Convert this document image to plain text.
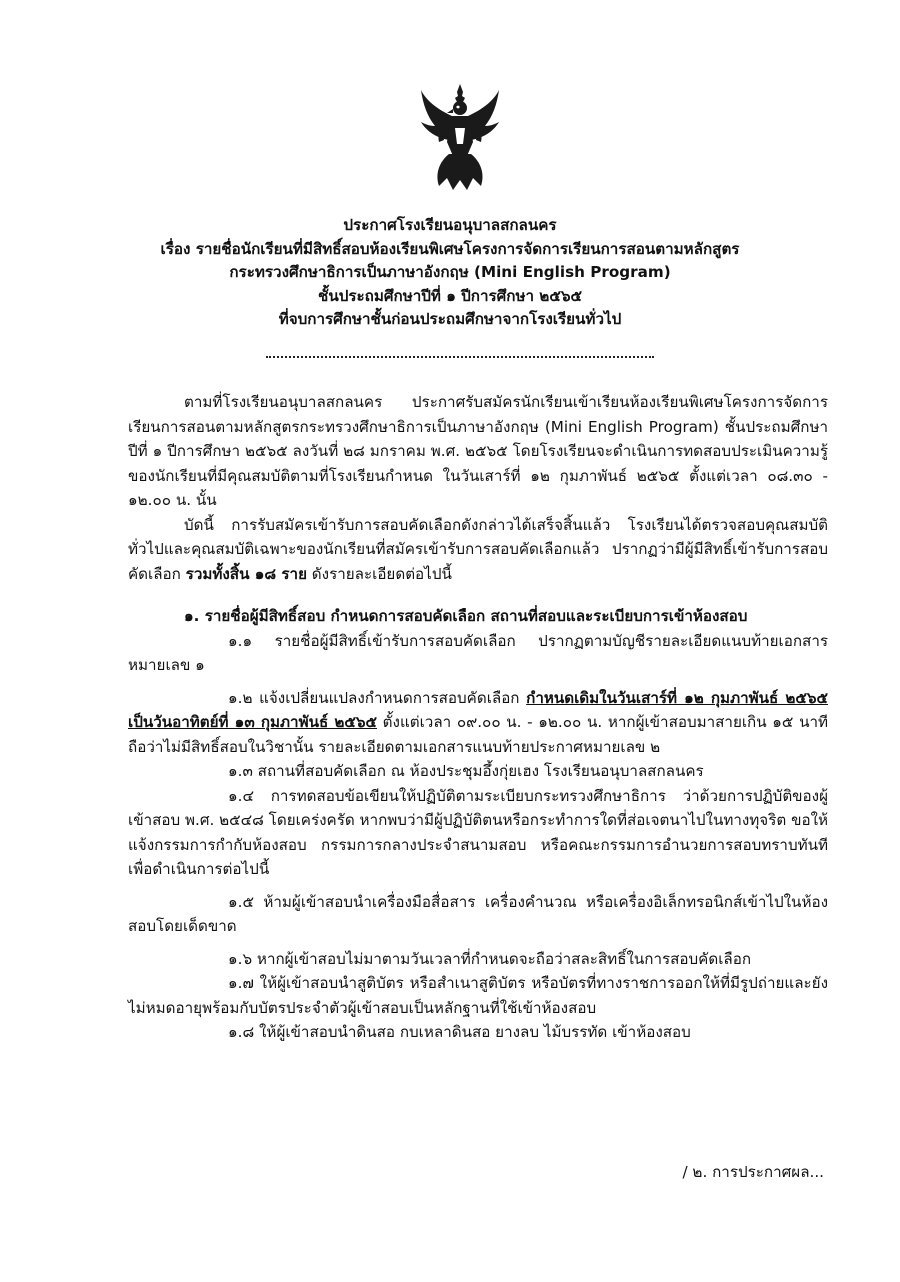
ประกาศโรงเรียนอนุบาลสกลนคร
เรื่อง รายชื่อนักเรียนที่มีสิทธิ์สอบห้องเรียนพิเศษโครงการจัดการเรียนการสอนตามหลักสูตร
กระทรวงศึกษาธิการเป็นภาษาอังกฤษ (Mini English Program)
ชั้นประถมศึกษาปีที่ ๑ ปีการศึกษา ๒๕๖๕
ที่จบการศึกษาชั้นก่อนประถมศึกษาจากโรงเรียนทั่วไป

ตามที่โรงเรียนอนุบาลสกลนคร ประกาศรับสมัครนักเรียนเข้าเรียนห้องเรียนพิเศษโครงการจัดการเรียนการสอนตามหลักสูตรกระทรวงศึกษาธิการเป็นภาษาอังกฤษ (Mini English Program) ชั้นประถมศึกษาปีที่ ๑ ปีการศึกษา ๒๕๖๕ ลงวันที่ ๒๘ มกราคม พ.ศ. ๒๕๖๕ โดยโรงเรียนจะดำเนินการทดสอบประเมินความรู้ของนักเรียนที่มีคุณสมบัติตามที่โรงเรียนกำหนด ในวันเสาร์ที่ ๑๒ กุมภาพันธ์ ๒๕๖๕ ตั้งแต่เวลา ๐๘.๓๐ - ๑๒.๐๐ น. นั้น

บัดนี้ การรับสมัครเข้ารับการสอบคัดเลือกดังกล่าวได้เสร็จสิ้นแล้ว โรงเรียนได้ตรวจสอบคุณสมบัติทั่วไปและคุณสมบัติเฉพาะของนักเรียนที่สมัครเข้ารับการสอบคัดเลือกแล้ว ปรากฏว่ามีผู้มีสิทธิ์เข้ารับการสอบคัดเลือก รวมทั้งสิ้น ๑๘ ราย ดังรายละเอียดต่อไปนี้

๑. รายชื่อผู้มีสิทธิ์สอบ กำหนดการสอบคัดเลือก สถานที่สอบและระเบียบการเข้าห้องสอบ

๑.๑ รายชื่อผู้มีสิทธิ์เข้ารับการสอบคัดเลือก ปรากฏตามบัญชีรายละเอียดแนบท้ายเอกสารหมายเลข ๑

๑.๒ แจ้งเปลี่ยนแปลงกำหนดการสอบคัดเลือก กำหนดเดิมในวันเสาร์ที่ ๑๒ กุมภาพันธ์ ๒๕๖๕ เป็นวันอาทิตย์ที่ ๑๓ กุมภาพันธ์ ๒๕๖๕ ตั้งแต่เวลา ๐๙.๐๐ น. - ๑๒.๐๐ น. หากผู้เข้าสอบมาสายเกิน ๑๕ นาที ถือว่าไม่มีสิทธิ์สอบในวิชานั้น รายละเอียดตามเอกสารแนบท้ายประกาศหมายเลข ๒

๑.๓ สถานที่สอบคัดเลือก ณ ห้องประชุมอึ้งกุ่ยเฮง โรงเรียนอนุบาลสกลนคร

๑.๔ การทดสอบข้อเขียนให้ปฏิบัติตามระเบียบกระทรวงศึกษาธิการ ว่าด้วยการปฏิบัติของผู้เข้าสอบ พ.ศ. ๒๕๔๘ โดยเคร่งครัด หากพบว่ามีผู้ปฏิบัติตนหรือกระทำการใดที่ส่อเจตนาไปในทางทุจริต ขอให้แจ้งกรรมการกำกับห้องสอบ กรรมการกลางประจำสนามสอบ หรือคณะกรรมการอำนวยการสอบทราบทันทีเพื่อดำเนินการต่อไปนี้

๑.๕ ห้ามผู้เข้าสอบนำเครื่องมือสื่อสาร เครื่องคำนวณ หรือเครื่องอิเล็กทรอนิกส์เข้าไปในห้องสอบโดยเด็ดขาด

๑.๖ หากผู้เข้าสอบไม่มาตามวันเวลาที่กำหนดจะถือว่าสละสิทธิ์ในการสอบคัดเลือก

๑.๗ ให้ผู้เข้าสอบนำสูติบัตร หรือสำเนาสูติบัตร หรือบัตรที่ทางราชการออกให้ที่มีรูปถ่ายและยังไม่หมดอายุพร้อมกับบัตรประจำตัวผู้เข้าสอบเป็นหลักฐานที่ใช้เข้าห้องสอบ

๑.๘ ให้ผู้เข้าสอบนำดินสอ กบเหลาดินสอ ยางลบ ไม้บรรทัด เข้าห้องสอบ

/ ๒. การประกาศผล...
